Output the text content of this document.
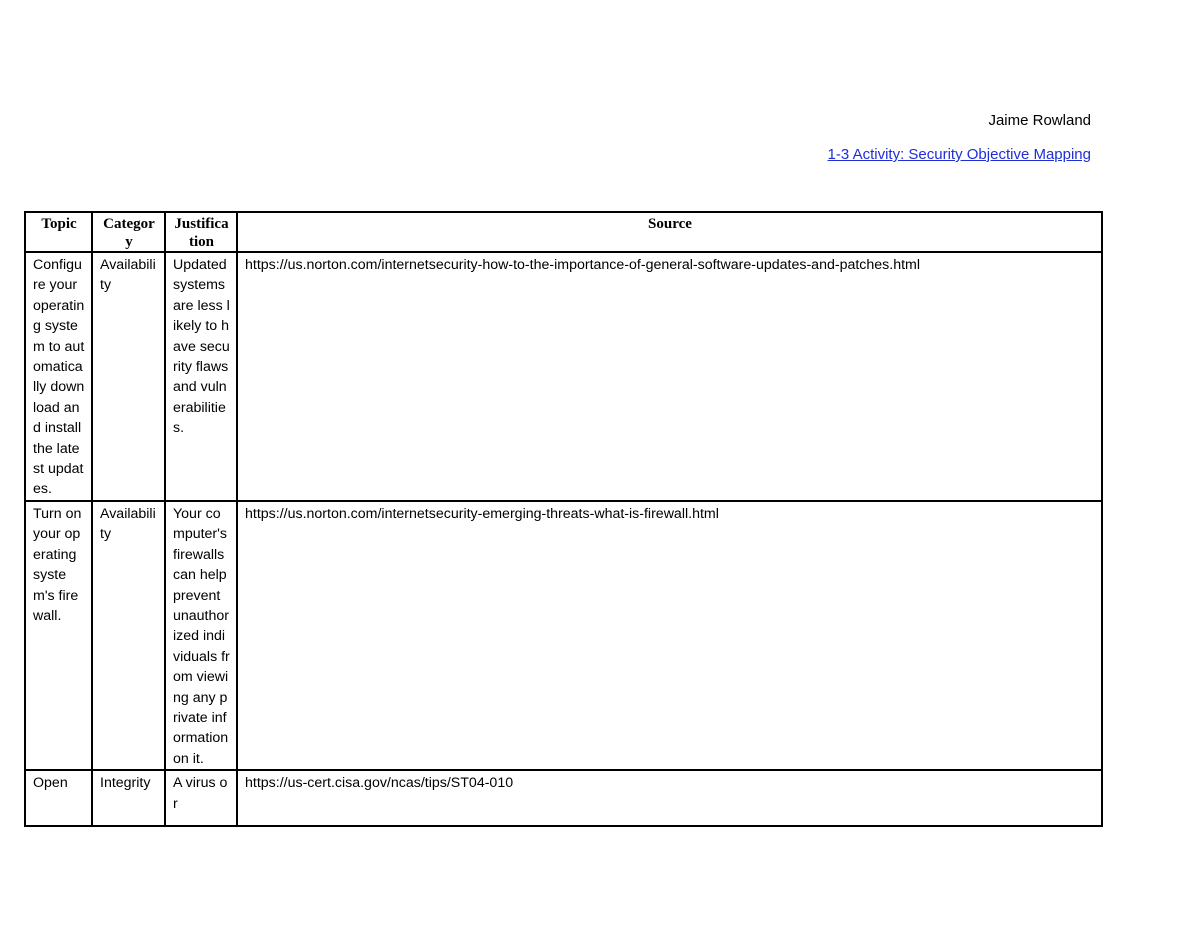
Jaime Rowland
1-3 Activity: Security Objective Mapping
Topic	Category	Justification	Source

Configure your operating system to automatically download and install the latest updates.	Availability	Updated systems are less likely to have security flaws and vulnerabilities.	https://us.norton.com/internetsecurity-how-to-the-importance-of-general-software-updates-and-patches.html

Turn on your operating system's firewall.	Availability	Your computer's firewalls can help prevent unauthorized individuals from viewing any private information on it.	https://us.norton.com/internetsecurity-emerging-threats-what-is-firewall.html

Open	Integrity	A virus or	https://us-cert.cisa.gov/ncas/tips/ST04-010
